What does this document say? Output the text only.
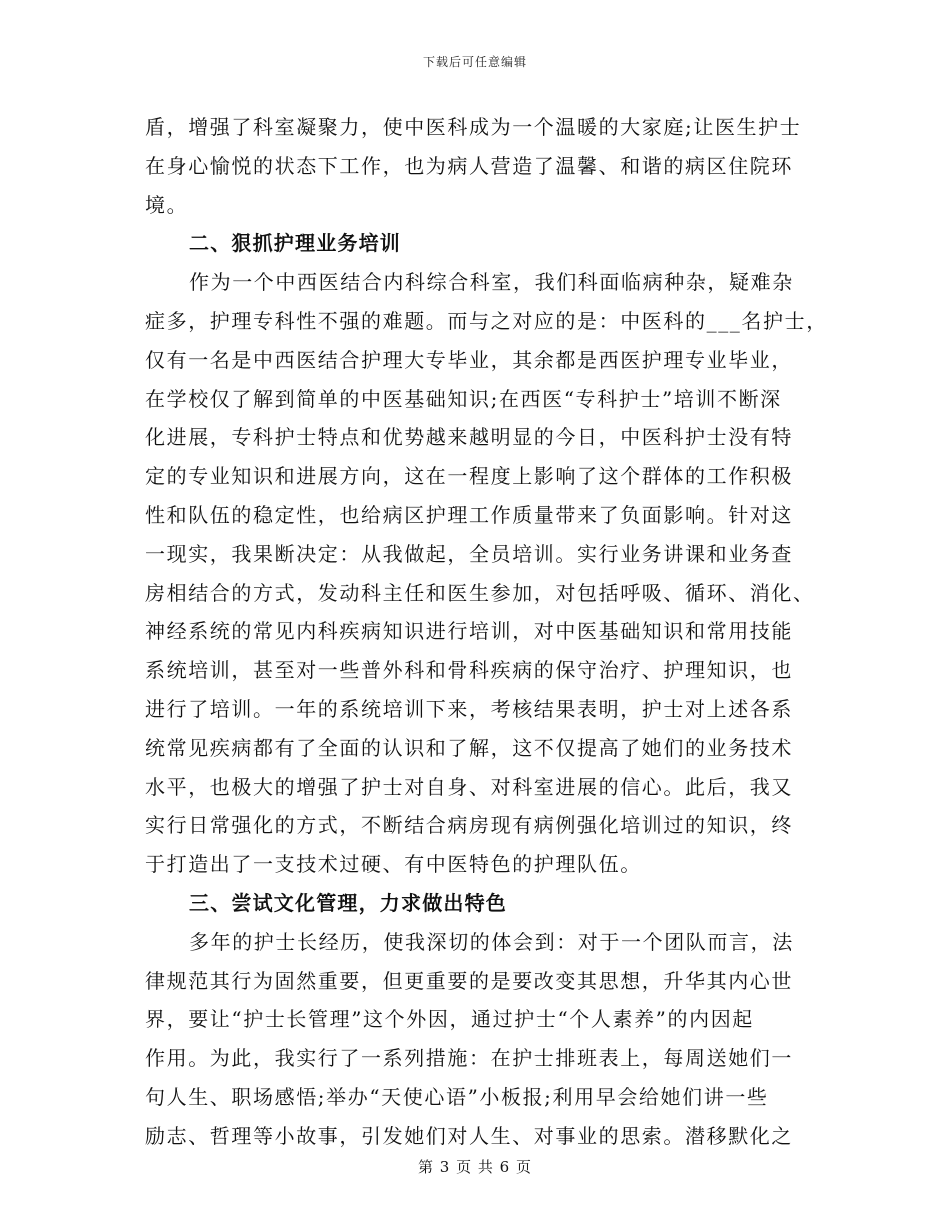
下载后可任意编辑
盾，增强了科室凝聚力，使中医科成为一个温暖的大家庭;让医生护士
在身心愉悦的状态下工作，也为病人营造了温馨、和谐的病区住院环
境。
二、狠抓护理业务培训
作为一个中西医结合内科综合科室，我们科面临病种杂，疑难杂
症多，护理专科性不强的难题。而与之对应的是：中医科的___名护士，
仅有一名是中西医结合护理大专毕业，其余都是西医护理专业毕业，
在学校仅了解到简单的中医基础知识;在西医“专科护士”培训不断深
化进展，专科护士特点和优势越来越明显的今日，中医科护士没有特
定的专业知识和进展方向，这在一程度上影响了这个群体的工作积极
性和队伍的稳定性，也给病区护理工作质量带来了负面影响。针对这
一现实，我果断决定：从我做起，全员培训。实行业务讲课和业务查
房相结合的方式，发动科主任和医生参加，对包括呼吸、循环、消化、
神经系统的常见内科疾病知识进行培训，对中医基础知识和常用技能
系统培训，甚至对一些普外科和骨科疾病的保守治疗、护理知识，也
进行了培训。一年的系统培训下来，考核结果表明，护士对上述各系
统常见疾病都有了全面的认识和了解，这不仅提高了她们的业务技术
水平，也极大的增强了护士对自身、对科室进展的信心。此后，我又
实行日常强化的方式，不断结合病房现有病例强化培训过的知识，终
于打造出了一支技术过硬、有中医特色的护理队伍。
三、尝试文化管理，力求做出特色
多年的护士长经历，使我深切的体会到：对于一个团队而言，法
律规范其行为固然重要，但更重要的是要改变其思想，升华其内心世
界，要让“护士长管理”这个外因，通过护士“个人素养”的内因起
作用。为此，我实行了一系列措施：在护士排班表上，每周送她们一
句人生、职场感悟;举办“天使心语”小板报;利用早会给她们讲一些
励志、哲理等小故事，引发她们对人生、对事业的思索。潜移默化之
第 3 页 共 6 页
